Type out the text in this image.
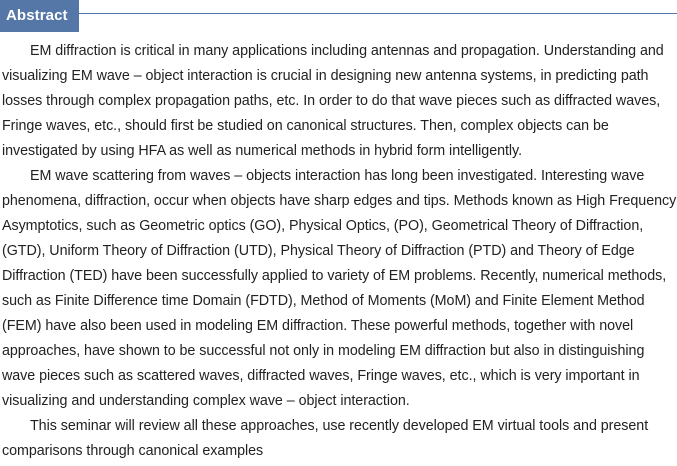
Abstract

EM diffraction is critical in many applications including antennas and propagation. Understanding and visualizing EM wave – object interaction is crucial in designing new antenna systems, in predicting path losses through complex propagation paths, etc. In order to do that wave pieces such as diffracted waves, Fringe waves, etc., should first be studied on canonical structures. Then, complex objects can be investigated by using HFA as well as numerical methods in hybrid form intelligently.

EM wave scattering from waves – objects interaction has long been investigated. Interesting wave phenomena, diffraction, occur when objects have sharp edges and tips. Methods known as High Frequency Asymptotics, such as Geometric optics (GO), Physical Optics, (PO), Geometrical Theory of Diffraction, (GTD), Uniform Theory of Diffraction (UTD), Physical Theory of Diffraction (PTD) and Theory of Edge Diffraction (TED) have been successfully applied to variety of EM problems. Recently, numerical methods, such as Finite Difference time Domain (FDTD), Method of Moments (MoM) and Finite Element Method (FEM) have also been used in modeling EM diffraction. These powerful methods, together with novel approaches, have shown to be successful not only in modeling EM diffraction but also in distinguishing wave pieces such as scattered waves, diffracted waves, Fringe waves, etc., which is very important in visualizing and understanding complex wave – object interaction.

This seminar will review all these approaches, use recently developed EM virtual tools and present comparisons through canonical examples
